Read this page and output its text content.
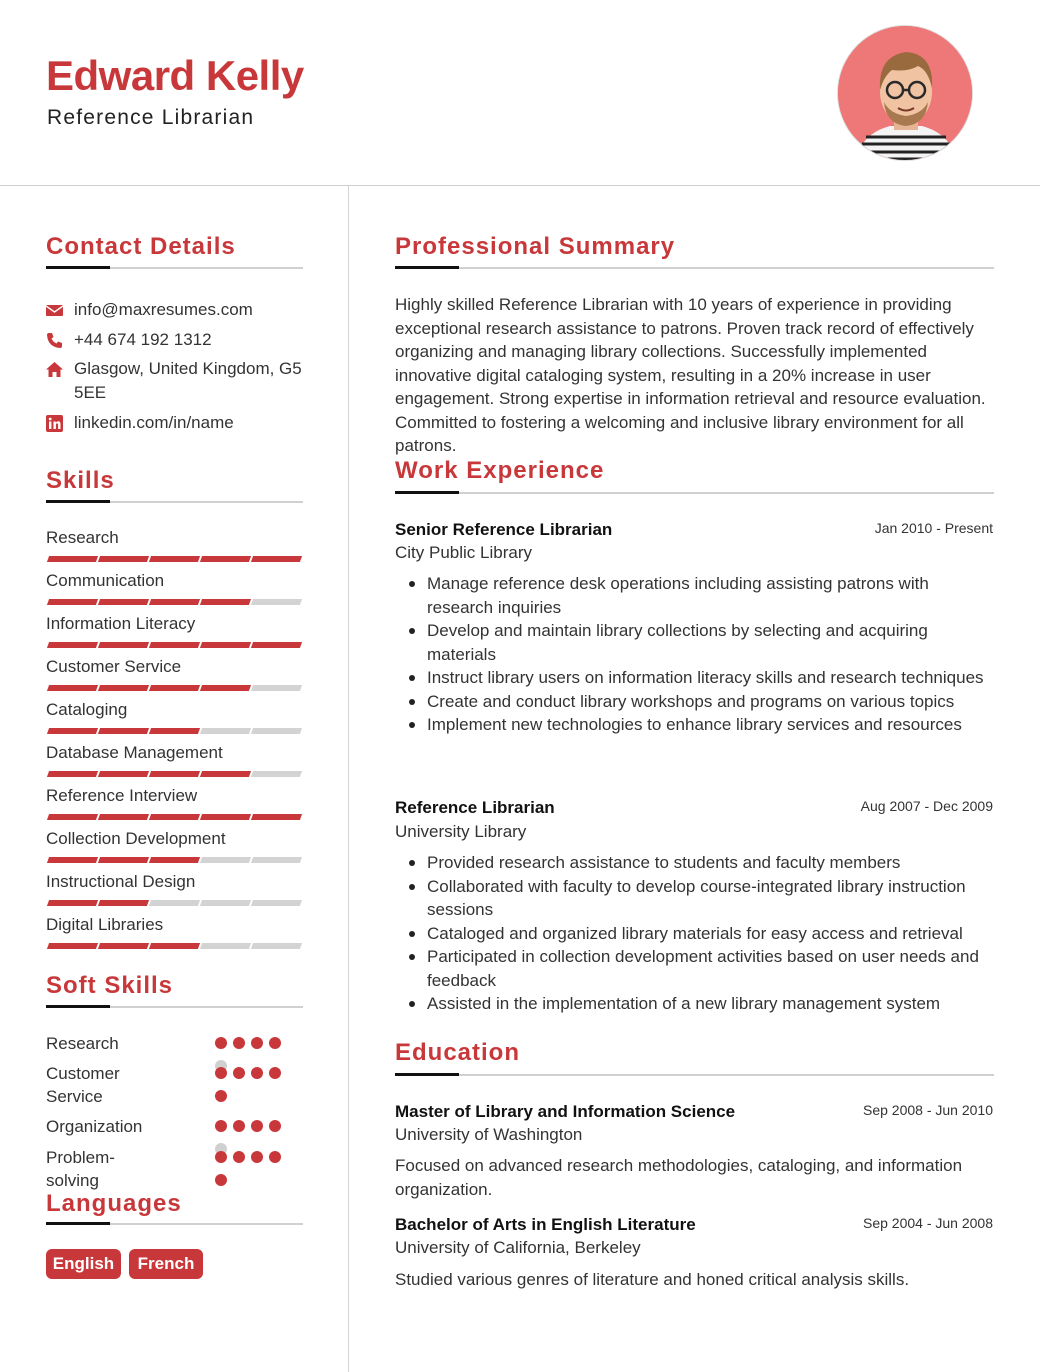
Edward Kelly
Reference Librarian
Contact Details
info@maxresumes.com
+44 674 192 1312
Glasgow, United Kingdom, G5 5EE
linkedin.com/in/name
Skills
Research
Communication
Information Literacy
Customer Service
Cataloging
Database Management
Reference Interview
Collection Development
Instructional Design
Digital Libraries
Soft Skills
Research
Customer Service
Organization
Problem-solving
Languages
English	French
Professional Summary
Highly skilled Reference Librarian with 10 years of experience in providing exceptional research assistance to patrons. Proven track record of effectively organizing and managing library collections. Successfully implemented innovative digital cataloging system, resulting in a 20% increase in user engagement. Strong expertise in information retrieval and resource evaluation. Committed to fostering a welcoming and inclusive library environment for all patrons.
Work Experience
Senior Reference Librarian	Jan 2010 - Present
City Public Library
Manage reference desk operations including assisting patrons with research inquiries
Develop and maintain library collections by selecting and acquiring materials
Instruct library users on information literacy skills and research techniques
Create and conduct library workshops and programs on various topics
Implement new technologies to enhance library services and resources
Reference Librarian	Aug 2007 - Dec 2009
University Library
Provided research assistance to students and faculty members
Collaborated with faculty to develop course-integrated library instruction sessions
Cataloged and organized library materials for easy access and retrieval
Participated in collection development activities based on user needs and feedback
Assisted in the implementation of a new library management system
Education
Master of Library and Information Science	Sep 2008 - Jun 2010
University of Washington
Focused on advanced research methodologies, cataloging, and information organization.
Bachelor of Arts in English Literature	Sep 2004 - Jun 2008
University of California, Berkeley
Studied various genres of literature and honed critical analysis skills.
